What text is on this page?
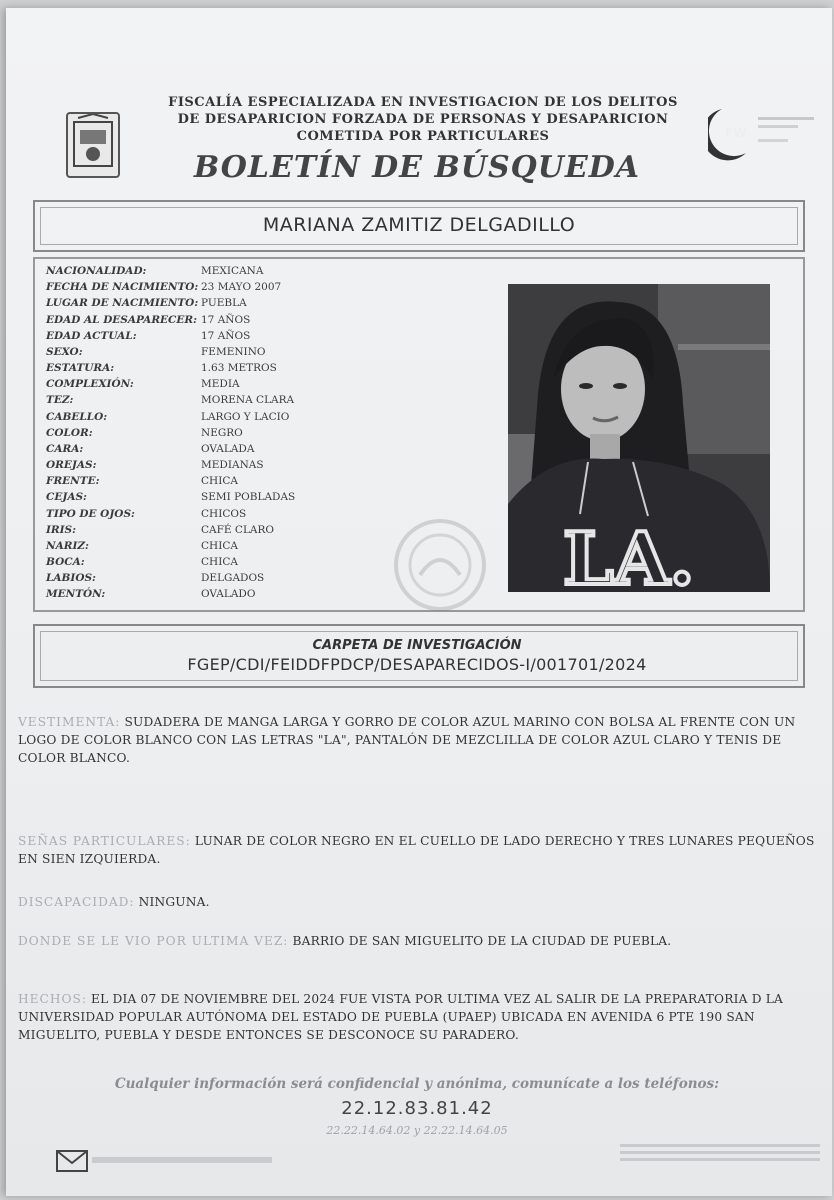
FW
FISCALÍA ESPECIALIZADA EN INVESTIGACION DE LOS DELITOS
DE DESAPARICION FORZADA DE PERSONAS Y DESAPARICION
COMETIDA POR PARTICULARES
BOLETÍN DE BÚSQUEDA
MARIANA ZAMITIZ DELGADILLO
NACIONALIDAD:	MEXICANA
FECHA DE NACIMIENTO: 23 MAYO 2007
LUGAR DE NACIMIENTO: PUEBLA
EDAD AL DESAPARECER: 17 AÑOS
EDAD ACTUAL:	17 AÑOS
SEXO:	FEMENINO
ESTATURA:	1.63 METROS
COMPLEXIÓN:	MEDIA
TEZ:	MORENA CLARA
CABELLO:	LARGO Y LACIO
COLOR:	NEGRO
CARA:	OVALADA
OREJAS:	MEDIANAS
FRENTE:	CHICA
CEJAS:	SEMI POBLADAS
TIPO DE OJOS:	CHICOS
IRIS:	CAFÉ CLARO
NARIZ:	CHICA
BOCA:	CHICA
LABIOS:	DELGADOS
MENTÓN:	OVALADO	LA.
CARPETA DE INVESTIGACIÓN
FGEP/CDI/FEIDDFPDCP/DESAPARECIDOS-I/001701/2024
VESTIMENTA: SUDADERA DE MANGA LARGA Y GORRO DE COLOR AZUL MARINO CON BOLSA AL FRENTE CON UN LOGO DE COLOR BLANCO CON LAS LETRAS "LA", PANTALÓN DE MEZCLILLA DE COLOR AZUL CLARO Y TENIS DE COLOR BLANCO.
SEÑAS PARTICULARES: LUNAR DE COLOR NEGRO EN EL CUELLO DE LADO DERECHO Y TRES LUNARES PEQUEÑOS EN SIEN IZQUIERDA.
DISCAPACIDAD: NINGUNA.
DONDE SE LE VIO POR ULTIMA VEZ: BARRIO DE SAN MIGUELITO DE LA CIUDAD DE PUEBLA.
HECHOS: EL DIA 07 DE NOVIEMBRE DEL 2024 FUE VISTA POR ULTIMA VEZ AL SALIR DE LA PREPARATORIA D LA UNIVERSIDAD POPULAR AUTÓNOMA DEL ESTADO DE PUEBLA (UPAEP) UBICADA EN AVENIDA 6 PTE 190 SAN MIGUELITO, PUEBLA Y DESDE ENTONCES SE DESCONOCE SU PARADERO.
Cualquier información será confidencial y anónima, comunícate a los teléfonos:
22.12.83.81.42
22.22.14.64.02 y 22.22.14.64.05
